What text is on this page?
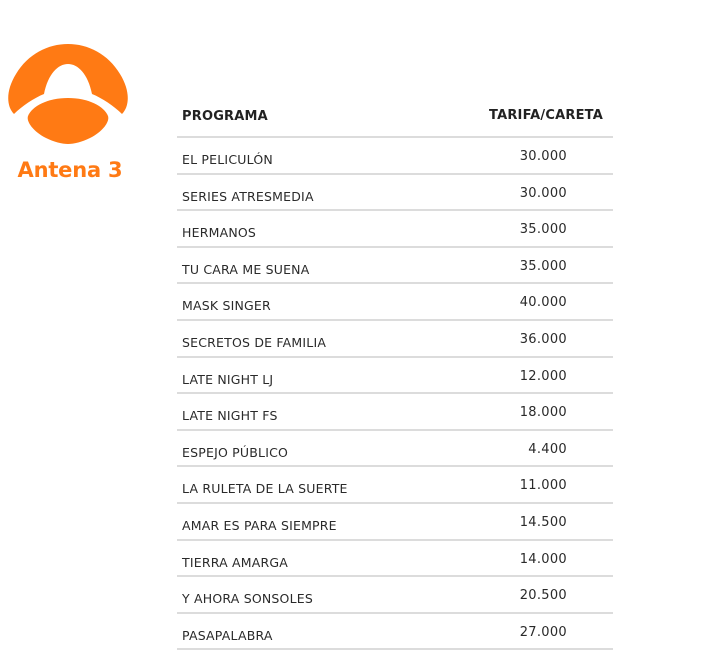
Antena 3
PROGRAMA	TARIFA/CARETA
EL PELICULÓN	30.000
SERIES ATRESMEDIA	30.000
HERMANOS	35.000
TU CARA ME SUENA	35.000
MASK SINGER	40.000
SECRETOS DE FAMILIA	36.000
LATE NIGHT LJ	12.000
LATE NIGHT FS	18.000
ESPEJO PÚBLICO	4.400
LA RULETA DE LA SUERTE	11.000
AMAR ES PARA SIEMPRE	14.500
TIERRA AMARGA	14.000
Y AHORA SONSOLES	20.500
PASAPALABRA	27.000
